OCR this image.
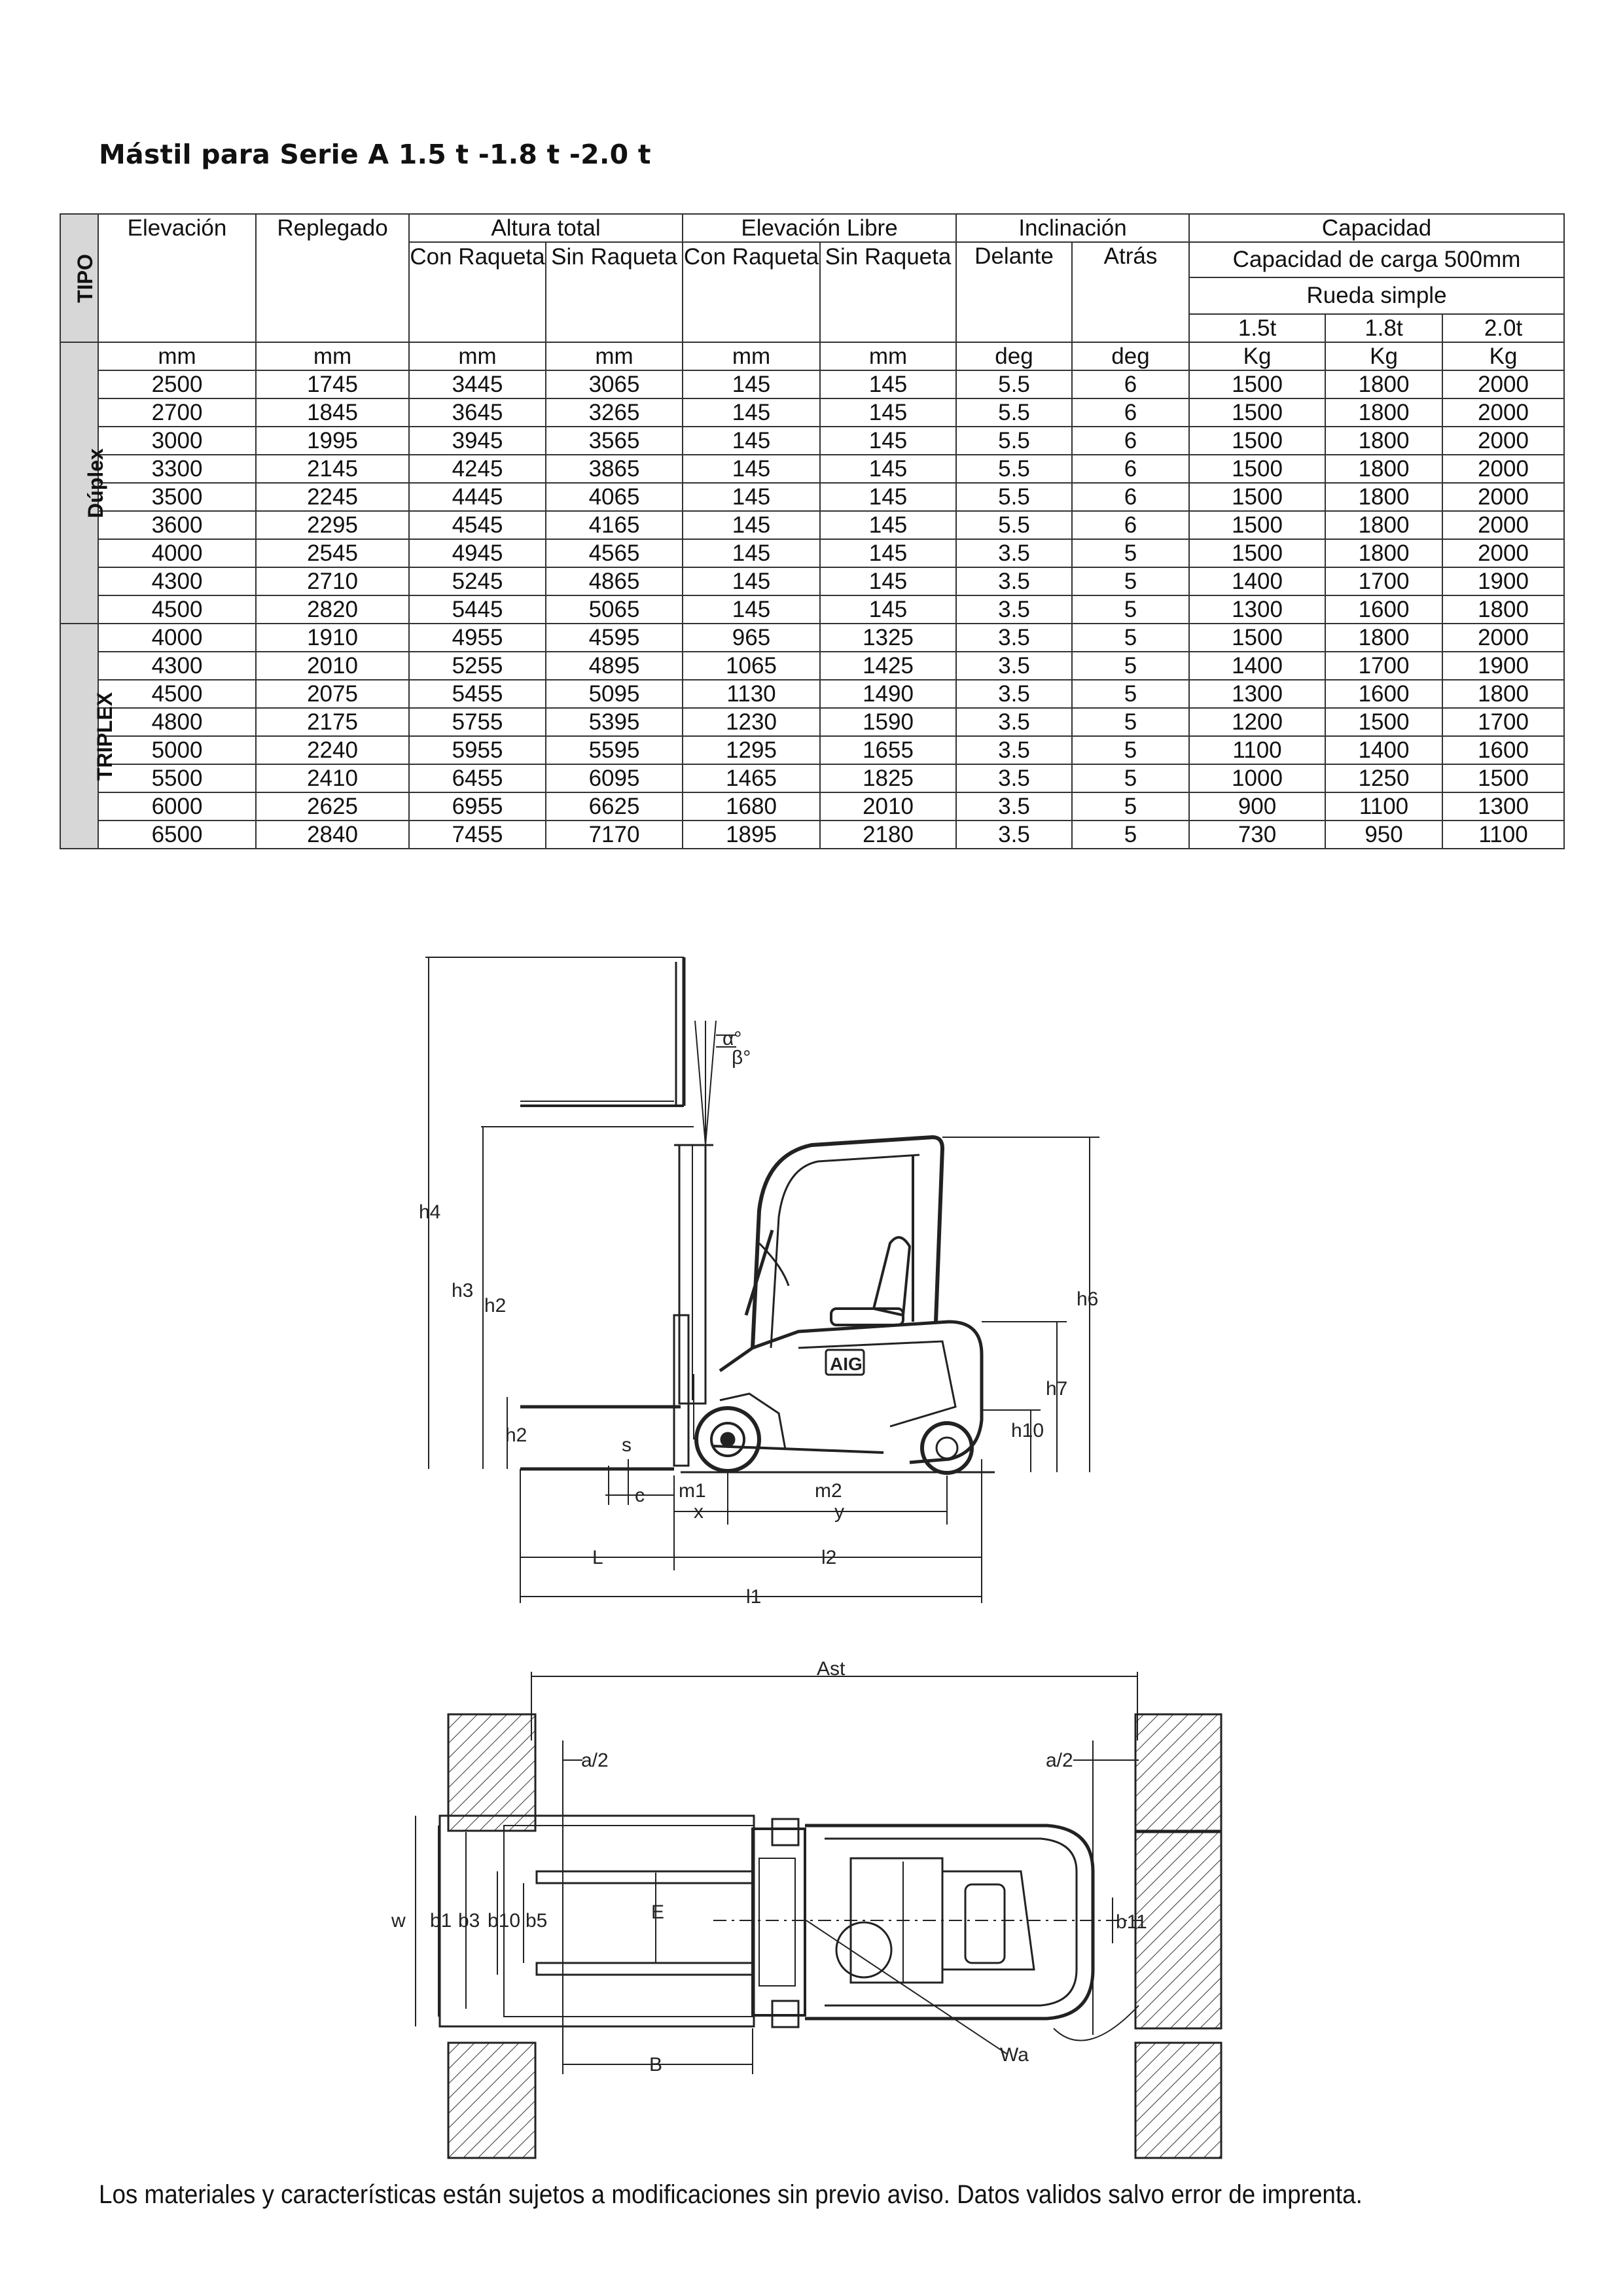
Mástil para Serie A 1.5 t -1.8 t -2.0 t
TIPO	Elevación	Replegado	Altura total		Elevación Libre		Inclinación		Capacidad		
			Con Raqueta	Sin Raqueta	Con Raqueta	Sin Raqueta	Delante	Atrás	Capacidad de carga 500mm		
									Rueda simple		
									1.5t	1.8t	2.0t
Dúplex	mm	mm	mm	mm	mm	mm	deg	deg	Kg	Kg	Kg
	2500	1745	3445	3065	145	145	5.5	6	1500	1800	2000
	2700	1845	3645	3265	145	145	5.5	6	1500	1800	2000
	3000	1995	3945	3565	145	145	5.5	6	1500	1800	2000
	3300	2145	4245	3865	145	145	5.5	6	1500	1800	2000
	3500	2245	4445	4065	145	145	5.5	6	1500	1800	2000
	3600	2295	4545	4165	145	145	5.5	6	1500	1800	2000
	4000	2545	4945	4565	145	145	3.5	5	1500	1800	2000
	4300	2710	5245	4865	145	145	3.5	5	1400	1700	1900
	4500	2820	5445	5065	145	145	3.5	5	1300	1600	1800
TRIPLEX	4000	1910	4955	4595	965	1325	3.5	5	1500	1800	2000
	4300	2010	5255	4895	1065	1425	3.5	5	1400	1700	1900
	4500	2075	5455	5095	1130	1490	3.5	5	1300	1600	1800
	4800	2175	5755	5395	1230	1590	3.5	5	1200	1500	1700
	5000	2240	5955	5595	1295	1655	3.5	5	1100	1400	1600
	5500	2410	6455	6095	1465	1825	3.5	5	1000	1250	1500
	6000	2625	6955	6625	1680	2010	3.5	5	900	1100	1300
	6500	2840	7455	7170	1895	2180	3.5	5	730	950	1100
AIG
α°
β°
h4
h3
h2
h2
h6
h7
h10
s
c m1	m2
x	y
L	l2
l1
Ast
a/2	a/2
w b1 b3 b10 b5	E
B
b11
Wa
Los materiales y características están sujetos a modificaciones sin previo aviso. Datos validos salvo error de imprenta.
